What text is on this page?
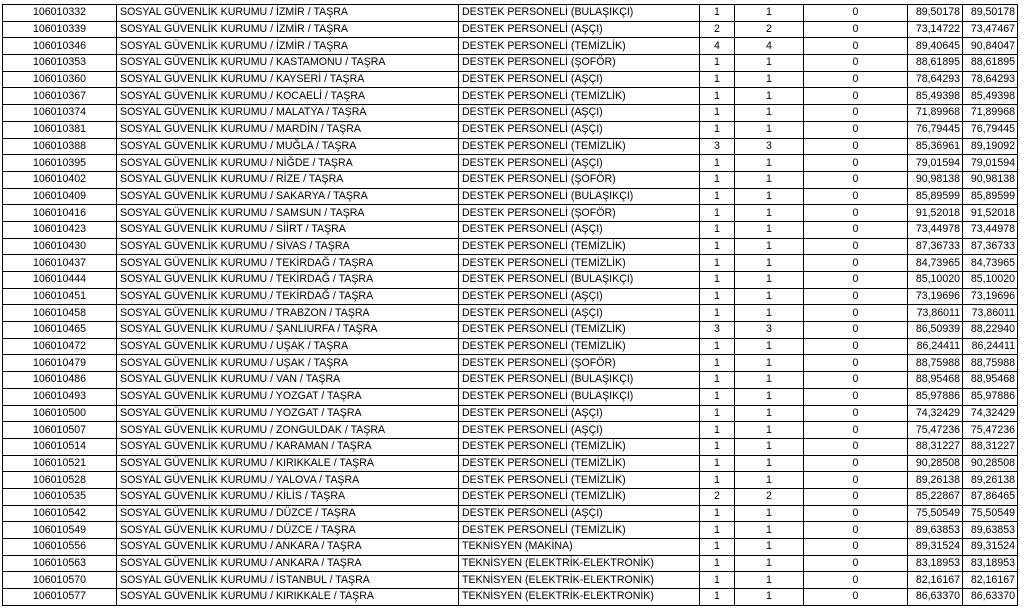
106010332	SOSYAL GÜVENLİK KURUMU / İZMİR / TAŞRA	DESTEK PERSONELİ (BULAŞIKÇI)	1	1	0	89,50178	89,50178
106010339	SOSYAL GÜVENLİK KURUMU / İZMİR / TAŞRA	DESTEK PERSONELİ (AŞÇI)	2	2	0	73,14722	73,47467
106010346	SOSYAL GÜVENLİK KURUMU / İZMİR / TAŞRA	DESTEK PERSONELİ (TEMİZLİK)	4	4	0	89,40645	90,84047
106010353	SOSYAL GÜVENLİK KURUMU / KASTAMONU / TAŞRA	DESTEK PERSONELİ (ŞOFÖR)	1	1	0	88,61895	88,61895
106010360	SOSYAL GÜVENLİK KURUMU / KAYSERİ / TAŞRA	DESTEK PERSONELİ (AŞÇI)	1	1	0	78,64293	78,64293
106010367	SOSYAL GÜVENLİK KURUMU / KOCAELİ / TAŞRA	DESTEK PERSONELİ (TEMİZLİK)	1	1	0	85,49398	85,49398
106010374	SOSYAL GÜVENLİK KURUMU / MALATYA / TAŞRA	DESTEK PERSONELİ (AŞÇI)	1	1	0	71,89968	71,89968
106010381	SOSYAL GÜVENLİK KURUMU / MARDİN / TAŞRA	DESTEK PERSONELİ (AŞÇI)	1	1	0	76,79445	76,79445
106010388	SOSYAL GÜVENLİK KURUMU / MUĞLA / TAŞRA	DESTEK PERSONELİ (TEMİZLİK)	3	3	0	85,36961	89,19092
106010395	SOSYAL GÜVENLİK KURUMU / NİĞDE / TAŞRA	DESTEK PERSONELİ (AŞÇI)	1	1	0	79,01594	79,01594
106010402	SOSYAL GÜVENLİK KURUMU / RİZE / TAŞRA	DESTEK PERSONELİ (ŞOFÖR)	1	1	0	90,98138	90,98138
106010409	SOSYAL GÜVENLİK KURUMU / SAKARYA / TAŞRA	DESTEK PERSONELİ (BULAŞIKÇI)	1	1	0	85,89599	85,89599
106010416	SOSYAL GÜVENLİK KURUMU / SAMSUN / TAŞRA	DESTEK PERSONELİ (ŞOFÖR)	1	1	0	91,52018	91,52018
106010423	SOSYAL GÜVENLİK KURUMU / SİİRT / TAŞRA	DESTEK PERSONELİ (AŞÇI)	1	1	0	73,44978	73,44978
106010430	SOSYAL GÜVENLİK KURUMU / SİVAS / TAŞRA	DESTEK PERSONELİ (TEMİZLİK)	1	1	0	87,36733	87,36733
106010437	SOSYAL GÜVENLİK KURUMU / TEKİRDAĞ / TAŞRA	DESTEK PERSONELİ (TEMİZLİK)	1	1	0	84,73965	84,73965
106010444	SOSYAL GÜVENLİK KURUMU / TEKİRDAĞ / TAŞRA	DESTEK PERSONELİ (BULAŞIKÇI)	1	1	0	85,10020	85,10020
106010451	SOSYAL GÜVENLİK KURUMU / TEKİRDAĞ / TAŞRA	DESTEK PERSONELİ (AŞÇI)	1	1	0	73,19696	73,19696
106010458	SOSYAL GÜVENLİK KURUMU / TRABZON / TAŞRA	DESTEK PERSONELİ (AŞÇI)	1	1	0	73,86011	73,86011
106010465	SOSYAL GÜVENLİK KURUMU / ŞANLIURFA / TAŞRA	DESTEK PERSONELİ (TEMİZLİK)	3	3	0	86,50939	88,22940
106010472	SOSYAL GÜVENLİK KURUMU / UŞAK / TAŞRA	DESTEK PERSONELİ (TEMİZLİK)	1	1	0	86,24411	86,24411
106010479	SOSYAL GÜVENLİK KURUMU / UŞAK / TAŞRA	DESTEK PERSONELİ (ŞOFÖR)	1	1	0	88,75988	88,75988
106010486	SOSYAL GÜVENLİK KURUMU / VAN / TAŞRA	DESTEK PERSONELİ (BULAŞIKÇI)	1	1	0	88,95468	88,95468
106010493	SOSYAL GÜVENLİK KURUMU / YOZGAT / TAŞRA	DESTEK PERSONELİ (BULAŞIKÇI)	1	1	0	85,97886	85,97886
106010500	SOSYAL GÜVENLİK KURUMU / YOZGAT / TAŞRA	DESTEK PERSONELİ (AŞÇI)	1	1	0	74,32429	74,32429
106010507	SOSYAL GÜVENLİK KURUMU / ZONGULDAK / TAŞRA	DESTEK PERSONELİ (AŞÇI)	1	1	0	75,47236	75,47236
106010514	SOSYAL GÜVENLİK KURUMU / KARAMAN / TAŞRA	DESTEK PERSONELİ (TEMİZLİK)	1	1	0	88,31227	88,31227
106010521	SOSYAL GÜVENLİK KURUMU / KIRIKKALE / TAŞRA	DESTEK PERSONELİ (TEMİZLİK)	1	1	0	90,28508	90,28508
106010528	SOSYAL GÜVENLİK KURUMU / YALOVA / TAŞRA	DESTEK PERSONELİ (TEMİZLİK)	1	1	0	89,26138	89,26138
106010535	SOSYAL GÜVENLİK KURUMU / KİLİS / TAŞRA	DESTEK PERSONELİ (TEMİZLİK)	2	2	0	85,22867	87,86465
106010542	SOSYAL GÜVENLİK KURUMU / DÜZCE / TAŞRA	DESTEK PERSONELİ (AŞÇI)	1	1	0	75,50549	75,50549
106010549	SOSYAL GÜVENLİK KURUMU / DÜZCE / TAŞRA	DESTEK PERSONELİ (TEMİZLİK)	1	1	0	89,63853	89,63853
106010556	SOSYAL GÜVENLİK KURUMU / ANKARA / TAŞRA	TEKNİSYEN (MAKİNA)	1	1	0	89,31524	89,31524
106010563	SOSYAL GÜVENLİK KURUMU / ANKARA / TAŞRA	TEKNİSYEN (ELEKTRİK-ELEKTRONİK)	1	1	0	83,18953	83,18953
106010570	SOSYAL GÜVENLİK KURUMU / İSTANBUL / TAŞRA	TEKNİSYEN (ELEKTRİK-ELEKTRONİK)	1	1	0	82,16167	82,16167
106010577	SOSYAL GÜVENLİK KURUMU / KIRIKKALE / TAŞRA	TEKNİSYEN (ELEKTRİK-ELEKTRONİK)	1	1	0	86,63370	86,63370
